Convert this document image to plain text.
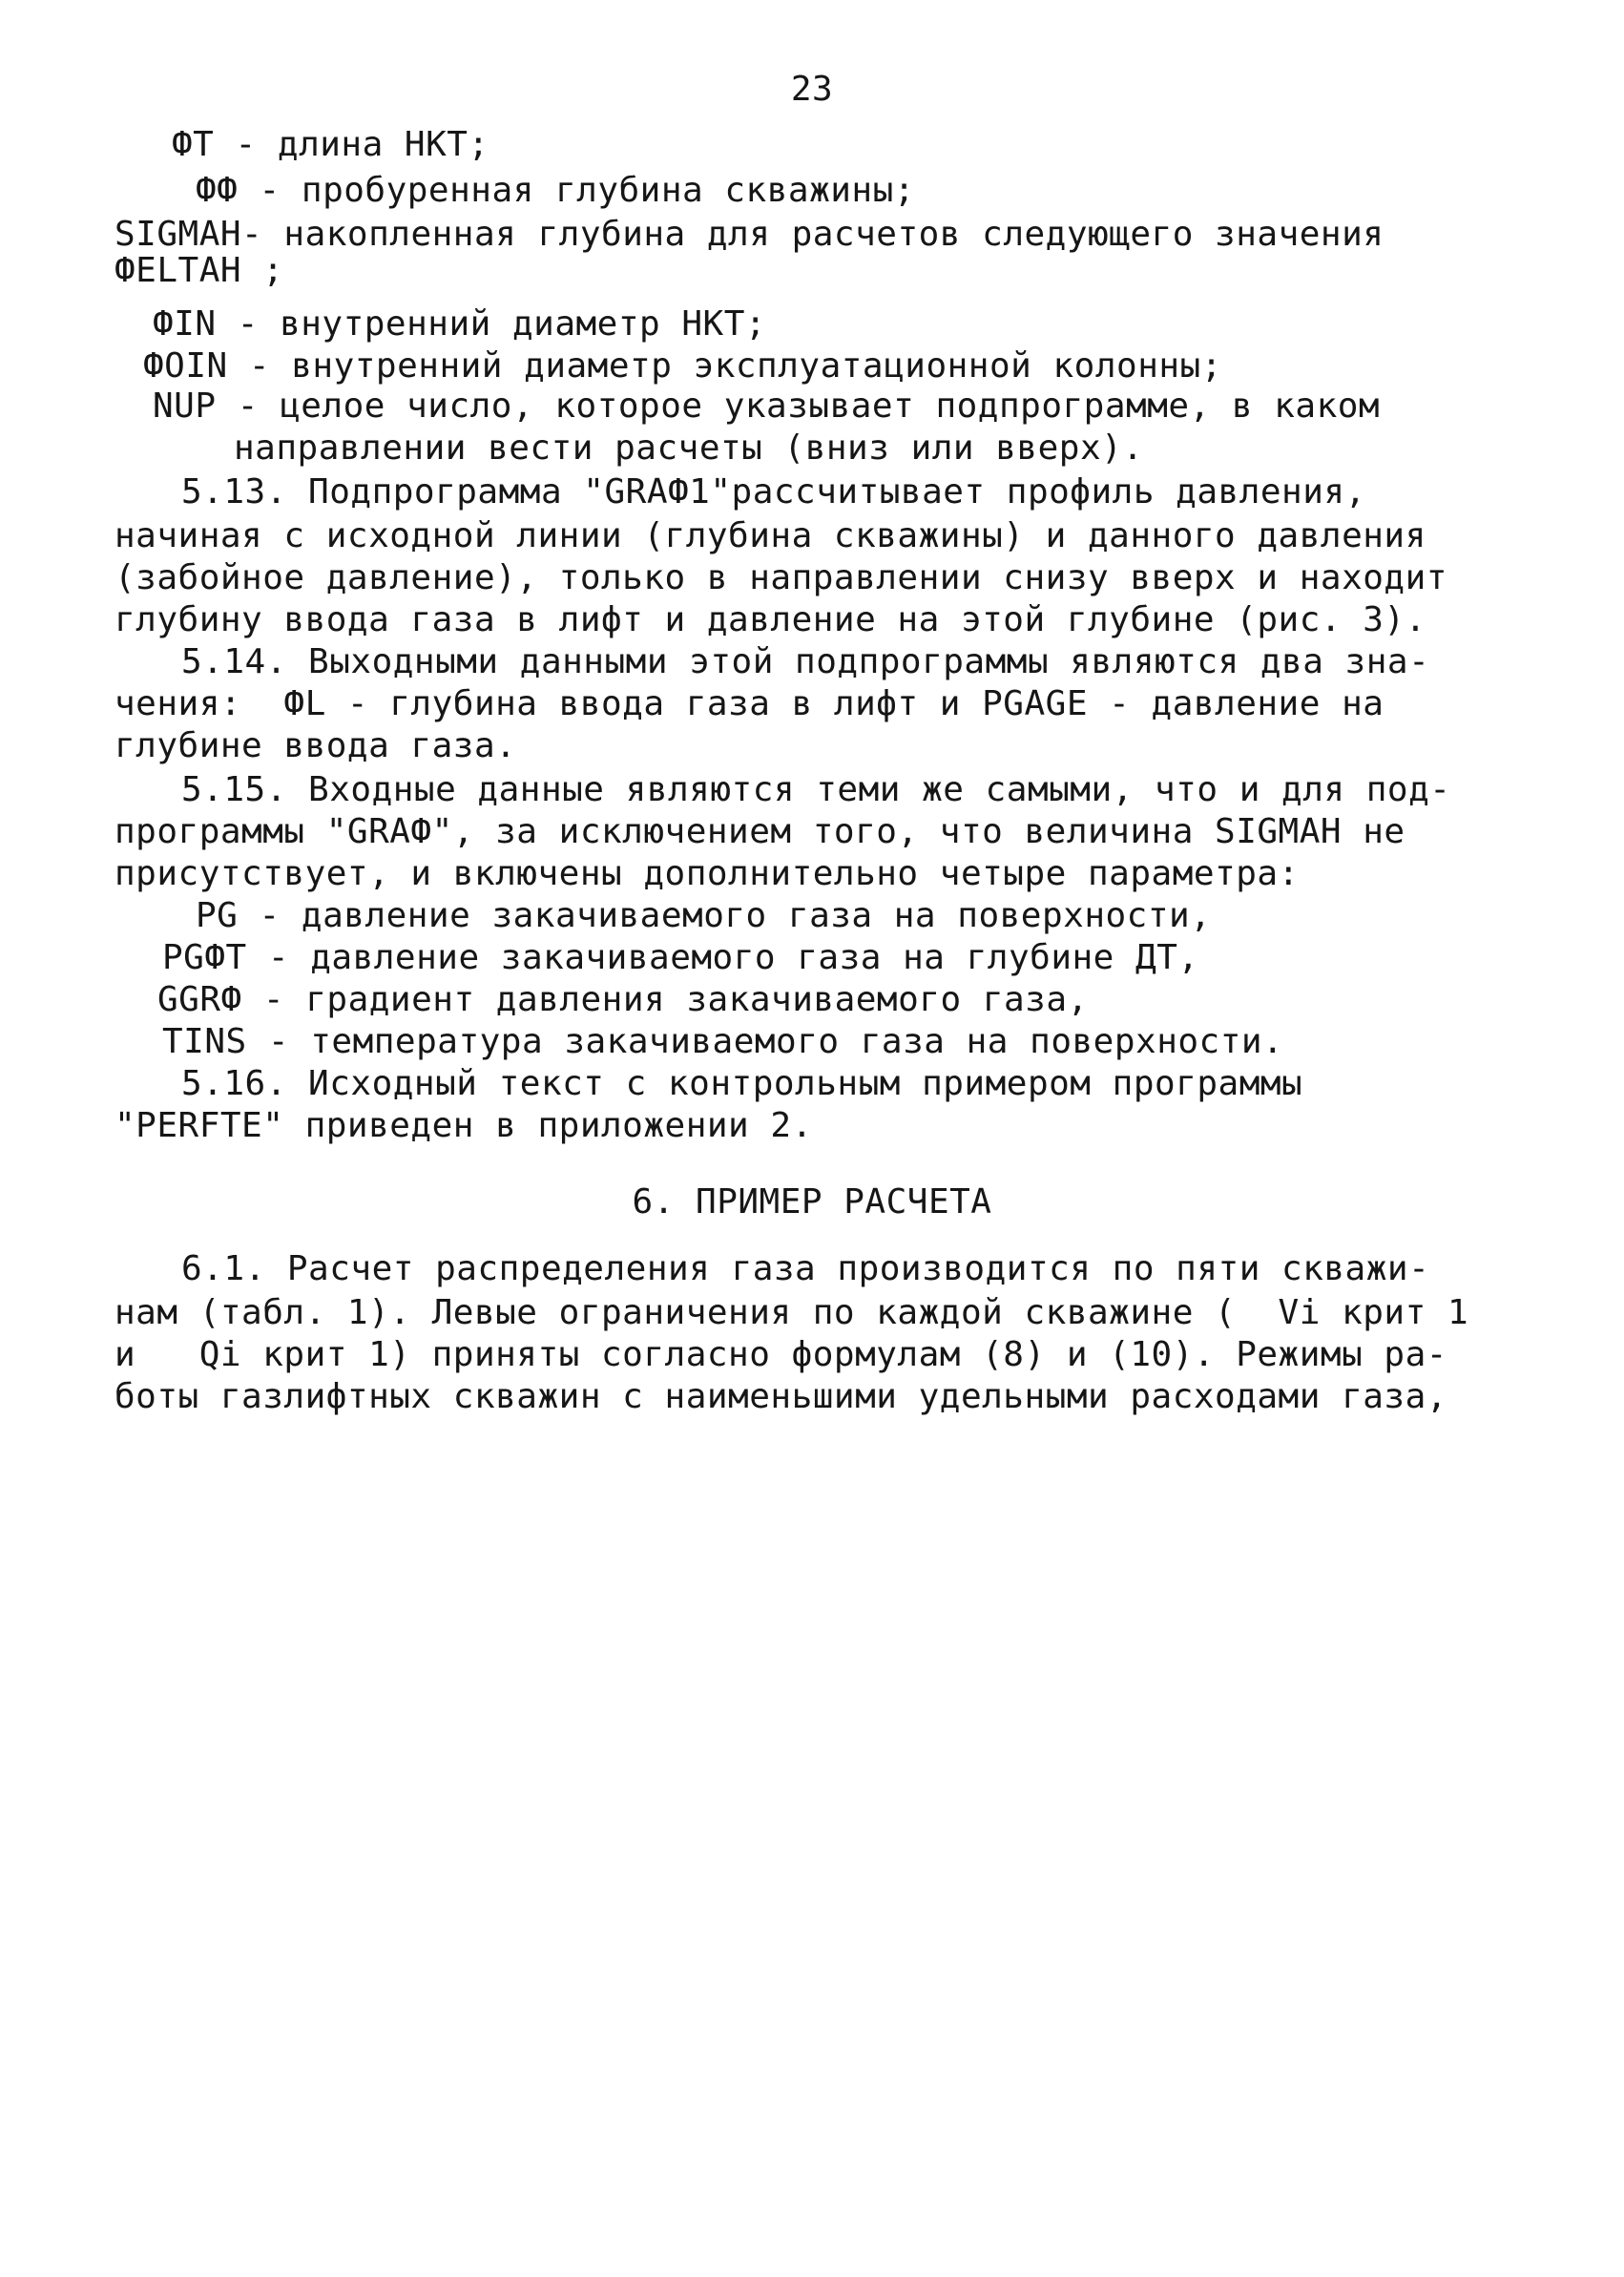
23
ФТ - длина НКТ;
ФФ - пробуренная глубина скважины;
SIGMAH- накопленная глубина для расчетов следующего значения
ФELTAH ;
ФIN - внутренний диаметр НКТ;
ФOIN - внутренний диаметр эксплуатационной колонны;
NUP - целое число, которое указывает подпрограмме, в каком
направлении вести расчеты (вниз или вверх).
5.13. Подпрограмма "GRAФ1"рассчитывает профиль давления,
начиная с исходной линии (глубина скважины) и данного давления
(забойное давление), только в направлении снизу вверх и находит
глубину ввода газа в лифт и давление на этой глубине (рис. 3).
5.14. Выходными данными этой подпрограммы являются два зна-
чения:  ФL - глубина ввода газа в лифт и PGAGE - давление на
глубине ввода газа.
5.15. Входные данные являются теми же самыми, что и для под-
программы "GRAФ", за исключением того, что величина SIGMAH не
присутствует, и включены дополнительно четыре параметра:
PG - давление закачиваемого газа на поверхности,
PGФT - давление закачиваемого газа на глубине ДТ,
GGRФ - градиент давления закачиваемого газа,
TINS - температура закачиваемого газа на поверхности.
5.16. Исходный текст с контрольным примером программы
"PERFTE" приведен в приложении 2.
6. ПРИМЕР РАСЧЕТА
6.1. Расчет распределения газа производится по пяти скважи-
нам (табл. 1). Левые ограничения по каждой скважине (  Vi крит 1
и   Qi крит 1) приняты согласно формулам (8) и (10). Режимы ра-
боты газлифтных скважин с наименьшими удельными расходами газа,
